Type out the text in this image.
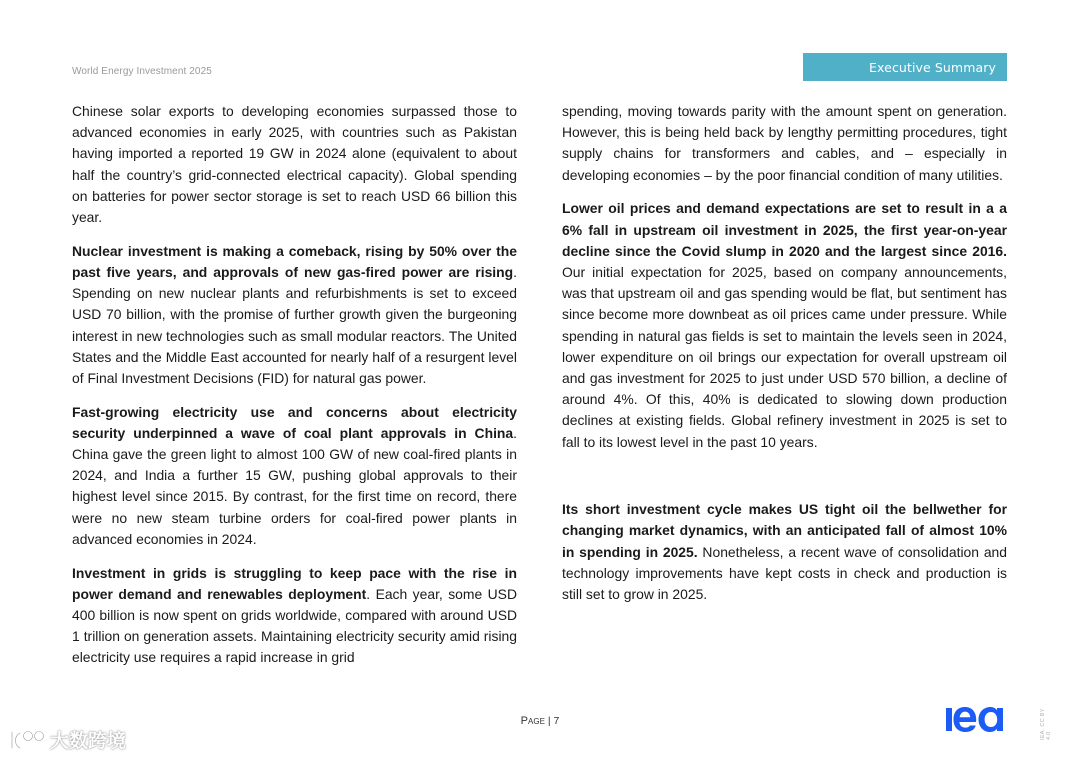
World Energy Investment 2025	Executive Summary

Chinese solar exports to developing economies surpassed those to advanced economies in early 2025, with countries such as Pakistan having imported a reported 19 GW in 2024 alone (equivalent to about half the country’s grid-connected electrical capacity). Global spending on batteries for power sector storage is set to reach USD 66 billion this year.

Nuclear investment is making a comeback, rising by 50% over the past five years, and approvals of new gas-fired power are rising. Spending on new nuclear plants and refurbishments is set to exceed USD 70 billion, with the promise of further growth given the burgeoning interest in new technologies such as small modular reactors. The United States and the Middle East accounted for nearly half of a resurgent level of Final Investment Decisions (FID) for natural gas power.

Fast-growing electricity use and concerns about electricity security underpinned a wave of coal plant approvals in China. China gave the green light to almost 100 GW of new coal-fired plants in 2024, and India a further 15 GW, pushing global approvals to their highest level since 2015. By contrast, for the first time on record, there were no new steam turbine orders for coal-fired power plants in advanced economies in 2024.

Investment in grids is struggling to keep pace with the rise in power demand and renewables deployment. Each year, some USD 400 billion is now spent on grids worldwide, compared with around USD 1 trillion on generation assets. Maintaining electricity security amid rising electricity use requires a rapid increase in grid

spending, moving towards parity with the amount spent on generation. However, this is being held back by lengthy permitting procedures, tight supply chains for transformers and cables, and – especially in developing economies – by the poor financial condition of many utilities.

Lower oil prices and demand expectations are set to result in a a 6% fall in upstream oil investment in 2025, the first year-on-year decline since the Covid slump in 2020 and the largest since 2016. Our initial expectation for 2025, based on company announcements, was that upstream oil and gas spending would be flat, but sentiment has since become more downbeat as oil prices came under pressure. While spending in natural gas fields is set to maintain the levels seen in 2024, lower expenditure on oil brings our expectation for overall upstream oil and gas investment for 2025 to just under USD 570 billion, a decline of around 4%. Of this, 40% is dedicated to slowing down production declines at existing fields. Global refinery investment in 2025 is set to fall to its lowest level in the past 10 years.

Its short investment cycle makes US tight oil the bellwether for changing market dynamics, with an anticipated fall of almost 10% in spending in 2025. Nonetheless, a recent wave of consolidation and technology improvements have kept costs in check and production is still set to grow in 2025.

Page | 7	IEA. CC BY 4.0
大数跨境
